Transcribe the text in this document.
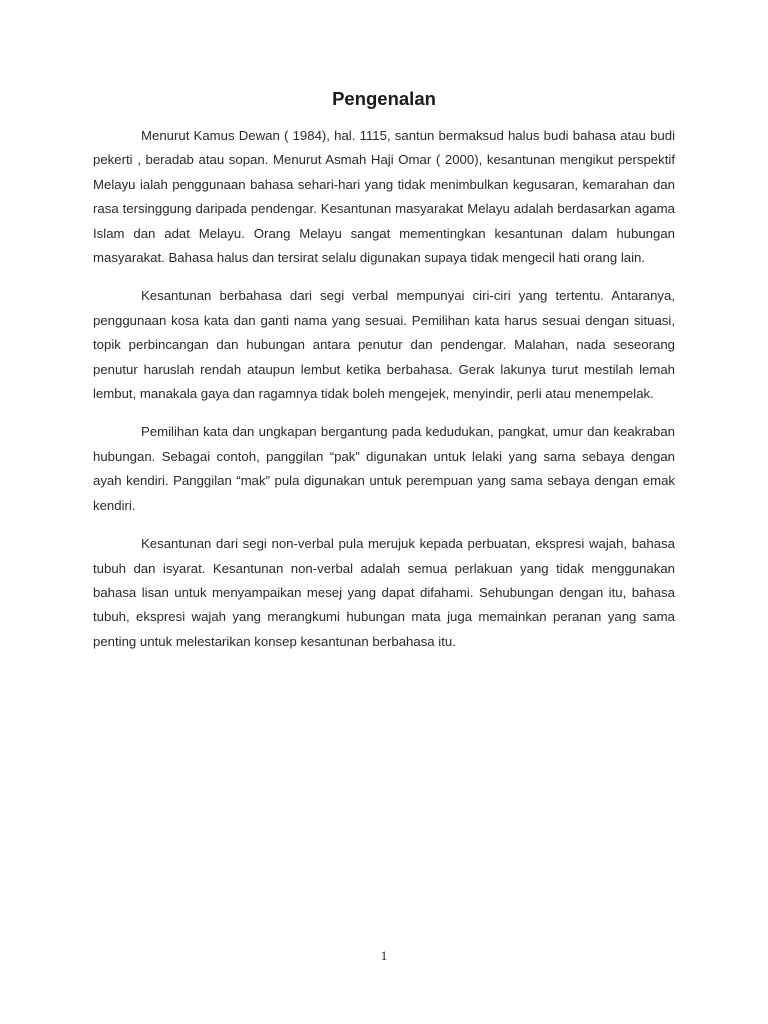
Pengenalan

Menurut Kamus Dewan ( 1984), hal. 1115, santun bermaksud halus budi bahasa atau budi pekerti , beradab atau sopan. Menurut Asmah Haji Omar ( 2000), kesantunan mengikut perspektif Melayu ialah penggunaan bahasa sehari-hari yang tidak menimbulkan kegusaran, kemarahan dan rasa tersinggung daripada pendengar. Kesantunan masyarakat Melayu adalah berdasarkan agama Islam dan adat Melayu. Orang Melayu sangat mementingkan kesantunan dalam hubungan masyarakat. Bahasa halus dan tersirat selalu digunakan supaya tidak mengecil hati orang lain.

Kesantunan berbahasa dari segi verbal mempunyai ciri-ciri yang tertentu. Antaranya, penggunaan kosa kata dan ganti nama yang sesuai. Pemilihan kata harus sesuai dengan situasi, topik perbincangan dan hubungan antara penutur dan pendengar. Malahan, nada seseorang penutur haruslah rendah ataupun lembut ketika berbahasa. Gerak lakunya turut mestilah lemah lembut, manakala gaya dan ragamnya tidak boleh mengejek, menyindir, perli atau menempelak.

Pemilihan kata dan ungkapan bergantung pada kedudukan, pangkat, umur dan keakraban hubungan. Sebagai contoh, panggilan “pak” digunakan untuk lelaki yang sama sebaya dengan ayah kendiri. Panggilan “mak” pula digunakan untuk perempuan yang sama sebaya dengan emak kendiri.

Kesantunan dari segi non-verbal pula merujuk kepada perbuatan, ekspresi wajah, bahasa tubuh dan isyarat. Kesantunan non-verbal adalah semua perlakuan yang tidak menggunakan bahasa lisan untuk menyampaikan mesej yang dapat difahami. Sehubungan dengan itu, bahasa tubuh, ekspresi wajah yang merangkumi hubungan mata juga memainkan peranan yang sama penting untuk melestarikan konsep kesantunan berbahasa itu.

1
